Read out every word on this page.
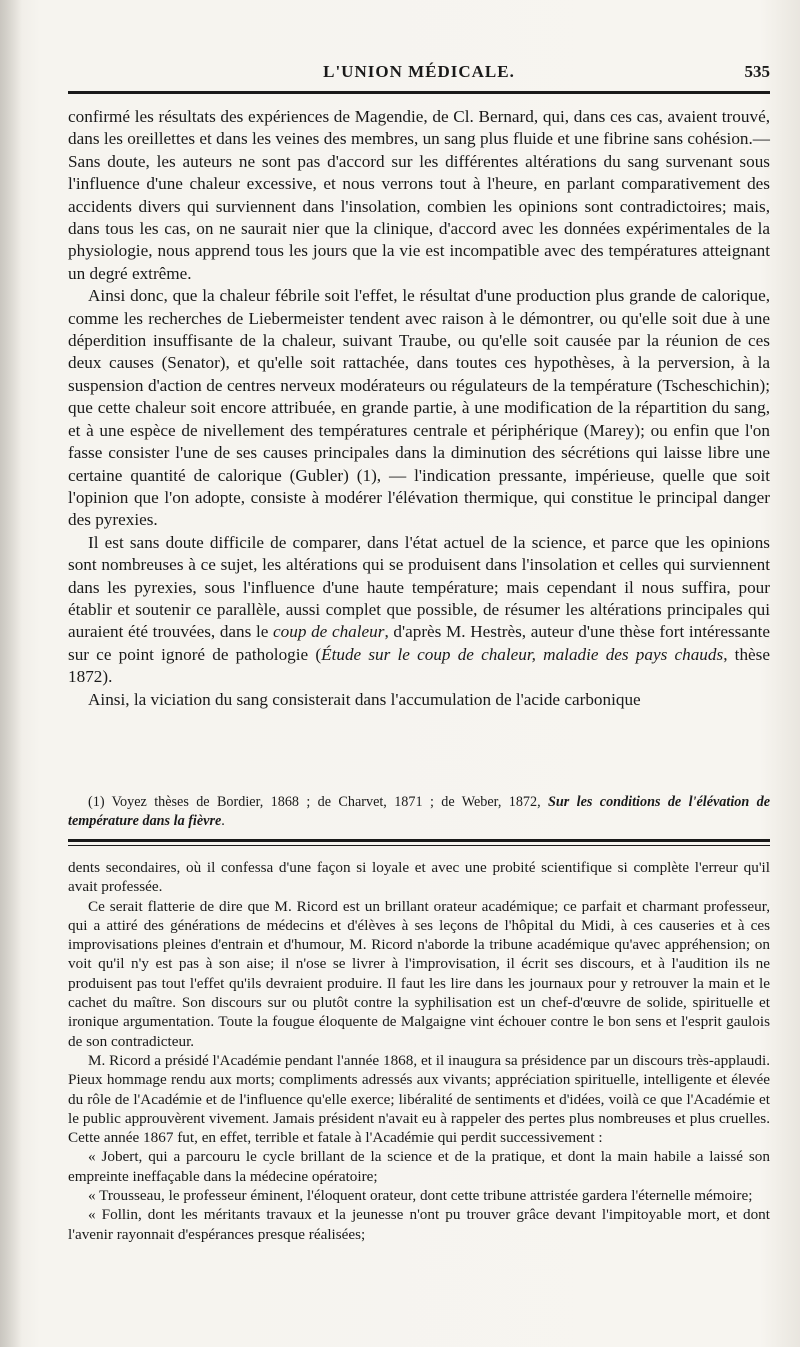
L'UNION MÉDICALE.	535

confirmé les résultats des expériences de Magendie, de Cl. Bernard, qui, dans ces cas, avaient trouvé, dans les oreillettes et dans les veines des membres, un sang plus fluide et une fibrine sans cohésion.—Sans doute, les auteurs ne sont pas d'accord sur les différentes altérations du sang survenant sous l'influence d'une chaleur excessive, et nous verrons tout à l'heure, en parlant comparativement des accidents divers qui surviennent dans l'insolation, combien les opinions sont contradictoires; mais, dans tous les cas, on ne saurait nier que la clinique, d'accord avec les données expérimentales de la physiologie, nous apprend tous les jours que la vie est incompatible avec des températures atteignant un degré extrême.

Ainsi donc, que la chaleur fébrile soit l'effet, le résultat d'une production plus grande de calorique, comme les recherches de Liebermeister tendent avec raison à le démontrer, ou qu'elle soit due à une déperdition insuffisante de la chaleur, suivant Traube, ou qu'elle soit causée par la réunion de ces deux causes (Senator), et qu'elle soit rattachée, dans toutes ces hypothèses, à la perversion, à la suspension d'action de centres nerveux modérateurs ou régulateurs de la température (Tscheschichin); que cette chaleur soit encore attribuée, en grande partie, à une modification de la répartition du sang, et à une espèce de nivellement des températures centrale et périphérique (Marey); ou enfin que l'on fasse consister l'une de ses causes principales dans la diminution des sécrétions qui laisse libre une certaine quantité de calorique (Gubler) (1), — l'indication pressante, impérieuse, quelle que soit l'opinion que l'on adopte, consiste à modérer l'élévation thermique, qui constitue le principal danger des pyrexies.

Il est sans doute difficile de comparer, dans l'état actuel de la science, et parce que les opinions sont nombreuses à ce sujet, les altérations qui se produisent dans l'insolation et celles qui surviennent dans les pyrexies, sous l'influence d'une haute température; mais cependant il nous suffira, pour établir et soutenir ce parallèle, aussi complet que possible, de résumer les altérations principales qui auraient été trouvées, dans le coup de chaleur, d'après M. Hestrès, auteur d'une thèse fort intéressante sur ce point ignoré de pathologie (Étude sur le coup de chaleur, maladie des pays chauds, thèse 1872).

Ainsi, la viciation du sang consisterait dans l'accumulation de l'acide carbonique

(1) Voyez thèses de Bordier, 1868 ; de Charvet, 1871 ; de Weber, 1872, Sur les conditions de l'élévation de température dans la fièvre.

dents secondaires, où il confessa d'une façon si loyale et avec une probité scientifique si complète l'erreur qu'il avait professée.

Ce serait flatterie de dire que M. Ricord est un brillant orateur académique; ce parfait et charmant professeur, qui a attiré des générations de médecins et d'élèves à ses leçons de l'hôpital du Midi, à ces causeries et à ces improvisations pleines d'entrain et d'humour, M. Ricord n'aborde la tribune académique qu'avec appréhension; on voit qu'il n'y est pas à son aise; il n'ose se livrer à l'improvisation, il écrit ses discours, et à l'audition ils ne produisent pas tout l'effet qu'ils devraient produire. Il faut les lire dans les journaux pour y retrouver la main et le cachet du maître. Son discours sur ou plutôt contre la syphilisation est un chef-d'œuvre de solide, spirituelle et ironique argumentation. Toute la fougue éloquente de Malgaigne vint échouer contre le bon sens et l'esprit gaulois de son contradicteur.

M. Ricord a présidé l'Académie pendant l'année 1868, et il inaugura sa présidence par un discours très-applaudi. Pieux hommage rendu aux morts; compliments adressés aux vivants; appréciation spirituelle, intelligente et élevée du rôle de l'Académie et de l'influence qu'elle exerce; libéralité de sentiments et d'idées, voilà ce que l'Académie et le public approuvèrent vivement. Jamais président n'avait eu à rappeler des pertes plus nombreuses et plus cruelles. Cette année 1867 fut, en effet, terrible et fatale à l'Académie qui perdit successivement :

« Jobert, qui a parcouru le cycle brillant de la science et de la pratique, et dont la main habile a laissé son empreinte ineffaçable dans la médecine opératoire;

« Trousseau, le professeur éminent, l'éloquent orateur, dont cette tribune attristée gardera l'éternelle mémoire;

« Follin, dont les méritants travaux et la jeunesse n'ont pu trouver grâce devant l'impitoyable mort, et dont l'avenir rayonnait d'espérances presque réalisées;
